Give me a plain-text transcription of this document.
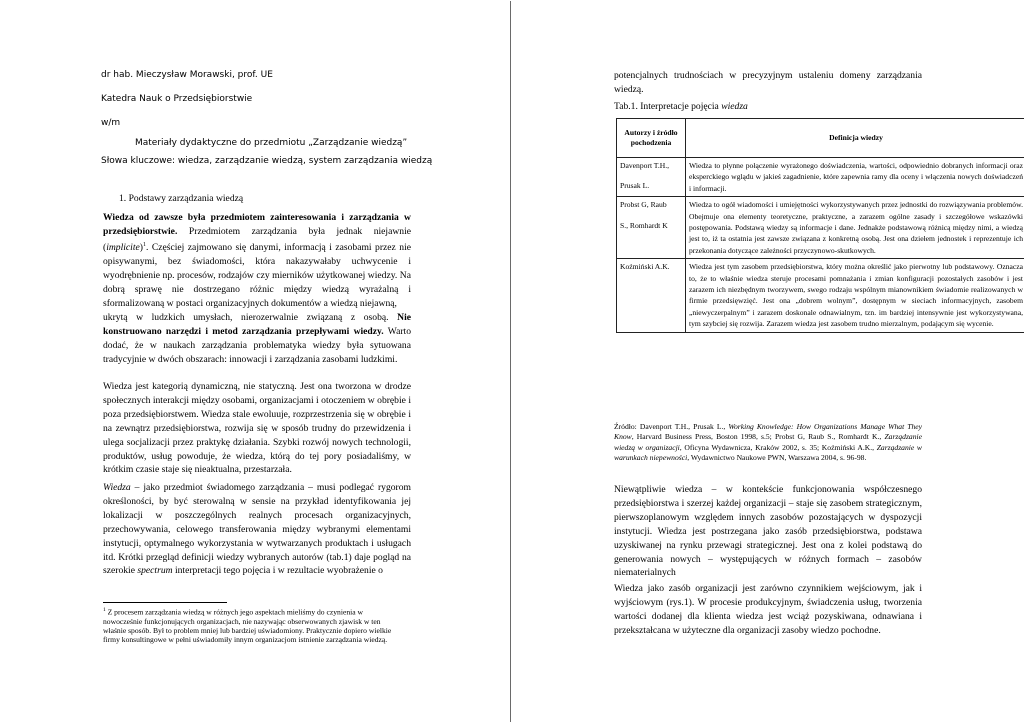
dr hab. Mieczysław Morawski, prof. UE

Katedra Nauk o Przedsiębiorstwie

w/m

Materiały dydaktyczne do przedmiotu „Zarządzanie wiedzą”

Słowa kluczowe: wiedza, zarządzanie wiedzą, system zarządzania wiedzą

1. Podstawy zarządzania wiedzą

Wiedza od zawsze była przedmiotem zainteresowania i zarządzania w przedsiębiorstwie. Przedmiotem zarządzania była jednak niejawnie (implicite)$^1$. Częściej zajmowano się danymi, informacją i zasobami przez nie opisywanymi, bez świadomości, która nakazywałaby uchwycenie i wyodrębnienie np. procesów, rodzajów czy mierników użytkowanej wiedzy. Na dobrą sprawę nie dostrzegano różnic między wiedzą wyrażalną i sformalizowaną w postaci organizacyjnych dokumentów a wiedzą niejawną,

ukrytą w ludzkich umysłach, nierozerwalnie związaną z osobą. Nie konstruowano narzędzi i metod zarządzania przepływami wiedzy. Warto dodać, że w naukach zarządzania problematyka wiedzy była sytuowana tradycyjnie w dwóch obszarach: innowacji i zarządzania zasobami ludzkimi.

Wiedza jest kategorią dynamiczną, nie statyczną. Jest ona tworzona w drodze społecznych interakcji między osobami, organizacjami i otoczeniem w obrębie i poza przedsiębiorstwem. Wiedza stale ewoluuje, rozprzestrzenia się w obrębie i na zewnątrz przedsiębiorstwa, rozwija się w sposób trudny do przewidzenia i ulega socjalizacji przez praktykę działania. Szybki rozwój nowych technologii, produktów, usług powoduje, że wiedza, którą do tej pory posiadaliśmy, w krótkim czasie staje się nieaktualna, przestarzała.

Wiedza – jako przedmiot świadomego zarządzania – musi podlegać rygorom określoności, by być sterowalną w sensie na przykład identyfikowania jej lokalizacji w poszczególnych realnych procesach organizacyjnych, przechowywania, celowego transferowania między wybranymi elementami instytucji, optymalnego wykorzystania w wytwarzanych produktach i usługach itd. Krótki przegląd definicji wiedzy wybranych autorów (tab.1) daje pogląd na szerokie spectrum interpretacji tego pojęcia i w rezultacie wyobrażenie o

$^1$ Z procesem zarządzania wiedzą w różnych jego aspektach mieliśmy do czynienia w nowocześnie funkcjonujących organizacjach, nie nazywając obserwowanych zjawisk w ten właśnie sposób. Był to problem mniej lub bardziej uświadomiony. Praktycznie dopiero wielkie firmy konsultingowe w pełni uświadomiły innym organizacjom istnienie zarządzania wiedzą.

potencjalnych trudnościach w precyzyjnym ustaleniu domeny zarządzania wiedzą.

Tab.1. Interpretacje pojęcia wiedza

Autorzy i źródło pochodzenia	Definicja wiedzy
Davenport T.H.,
Prusak L.	Wiedza to płynne połączenie wyrażonego doświadczenia, wartości, odpowiednio dobranych informacji oraz eksperckiego wglądu w jakieś zagadnienie, które zapewnia ramy dla oceny i włączenia nowych doświadczeń i informacji.
Probst G, Raub
S., Romhardt K	Wiedza to ogół wiadomości i umiejętności wykorzystywanych przez jednostki do rozwiązywania problemów. Obejmuje ona elementy teoretyczne, praktyczne, a zarazem ogólne zasady i szczegółowe wskazówki postępowania. Podstawą wiedzy są informacje i dane. Jednakże podstawową różnicą między nimi, a wiedzą jest to, iż ta ostatnia jest zawsze związana z konkretną osobą. Jest ona dziełem jednostek i reprezentuje ich przekonania dotyczące zależności przyczynowo-skutkowych.
Koźmiński A.K.	Wiedza jest tym zasobem przedsiębiorstwa, który można określić jako pierwotny lub podstawowy. Oznacza to, że to właśnie wiedza steruje procesami pomnażania i zmian konfiguracji pozostałych zasobów i jest zarazem ich niezbędnym tworzywem, swego rodzaju wspólnym mianownikiem świadomie realizowanych w firmie przedsięwzięć. Jest ona „dobrem wolnym”, dostępnym w sieciach informacyjnych, zasobem „niewyczerpalnym” i zarazem doskonale odnawialnym, tzn. im bardziej intensywnie jest wykorzystywana, tym szybciej się rozwija. Zarazem wiedza jest zasobem trudno mierzalnym, podającym się wycenie.

Źródło: Davenport T.H., Prusak L., Working Knowledge: How Organizations Manage What They Know, Harvard Business Press, Boston 1998, s.5; Probst G, Raub S., Romhardt K., Zarządzanie wiedzą w organizacji, Oficyna Wydawnicza, Kraków 2002, s. 35; Koźmiński A.K., Zarządzanie w warunkach niepewności, Wydawnictwo Naukowe PWN, Warszawa 2004, s. 96-98.

Niewątpliwie wiedza – w kontekście funkcjonowania współczesnego przedsiębiorstwa i szerzej każdej organizacji – staje się zasobem strategicznym, pierwszoplanowym względem innych zasobów pozostających w dyspozycji instytucji. Wiedza jest postrzegana jako zasób przedsiębiorstwa, podstawa uzyskiwanej na rynku przewagi strategicznej. Jest ona z kolei podstawą do generowania nowych – występujących w różnych formach – zasobów niematerialnych

Wiedza jako zasób organizacji jest zarówno czynnikiem wejściowym, jak i wyjściowym (rys.1). W procesie produkcyjnym, świadczenia usług, tworzenia wartości dodanej dla klienta wiedza jest wciąż pozyskiwana, odnawiana i przekształcana w użyteczne dla organizacji zasoby wiedzo pochodne.
